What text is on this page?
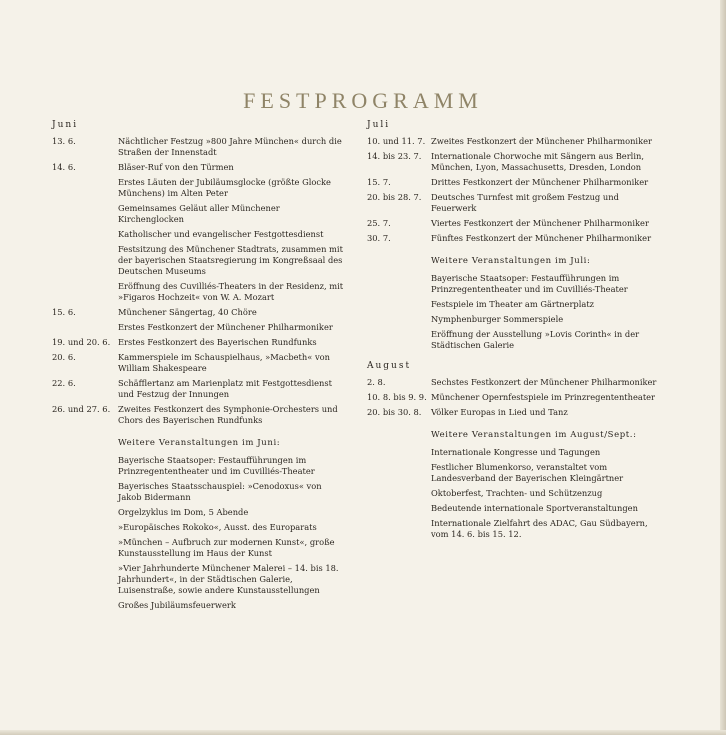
FESTPROGRAMM
Juni
13. 6.	Nächtlicher Festzug »800 Jahre München« durch die Straßen der Innenstadt
14. 6.	Bläser-Ruf von den Türmen
Erstes Läuten der Jubiläumsglocke (größte Glocke Münchens) im Alten Peter
Gemeinsames Geläut aller Münchener Kirchenglocken
Katholischer und evangelischer Festgottesdienst
Festsitzung des Münchener Stadtrats, zusammen mit der bayerischen Staatsregierung im Kongreßsaal des Deutschen Museums
Eröffnung des Cuvilliés-Theaters in der Residenz, mit »Figaros Hochzeit« von W. A. Mozart
15. 6.	Münchener Sängertag, 40 Chöre
Erstes Festkonzert der Münchener Philharmoniker
19. und 20. 6. Erstes Festkonzert des Bayerischen Rundfunks
20. 6.	Kammerspiele im Schauspielhaus, »Macbeth« von William Shakespeare
22. 6.	Schäfflertanz am Marienplatz mit Festgottesdienst und Festzug der Innungen
26. und 27. 6. Zweites Festkonzert des Symphonie-Orchesters und Chors des Bayerischen Rundfunks
Weitere Veranstaltungen im Juni:
Bayerische Staatsoper: Festaufführungen im Prinzregententheater und im Cuvilliés-Theater
Bayerisches Staatsschauspiel: »Cenodoxus« von Jakob Bidermann
Orgelzyklus im Dom, 5 Abende
»Europäisches Rokoko«, Ausst. des Europarats
»München – Aufbruch zur modernen Kunst«, große Kunstausstellung im Haus der Kunst
»Vier Jahrhunderte Münchener Malerei – 14. bis 18. Jahrhundert«, in der Städtischen Galerie, Luisenstraße, sowie andere Kunstausstellungen
Großes Jubiläumsfeuerwerk
Juli
10. und 11. 7. Zweites Festkonzert der Münchener Philharmoniker
14. bis 23. 7.	Internationale Chorwoche mit Sängern aus Berlin, München, Lyon, Massachusetts, Dresden, London
15. 7.	Drittes Festkonzert der Münchener Philharmoniker
20. bis 28. 7.	Deutsches Turnfest mit großem Festzug und Feuerwerk
25. 7.	Viertes Festkonzert der Münchener Philharmoniker
30. 7.	Fünftes Festkonzert der Münchener Philharmoniker
Weitere Veranstaltungen im Juli:
Bayerische Staatsoper: Festaufführungen im Prinzregententheater und im Cuvilliés-Theater
Festspiele im Theater am Gärtnerplatz
Nymphenburger Sommerspiele
Eröffnung der Ausstellung »Lovis Corinth« in der Städtischen Galerie
August
2. 8.	Sechstes Festkonzert der Münchener Philharmoniker
10. 8. bis 9. 9. Münchener Opernfestspiele im Prinzregententheater
20. bis 30. 8.	Völker Europas in Lied und Tanz
Weitere Veranstaltungen im August/Sept.:
Internationale Kongresse und Tagungen
Festlicher Blumenkorso, veranstaltet vom Landesverband der Bayerischen Kleingärtner
Oktoberfest, Trachten- und Schützenzug
Bedeutende internationale Sportveranstaltungen
Internationale Zielfahrt des ADAC, Gau Südbayern, vom 14. 6. bis 15. 12.
